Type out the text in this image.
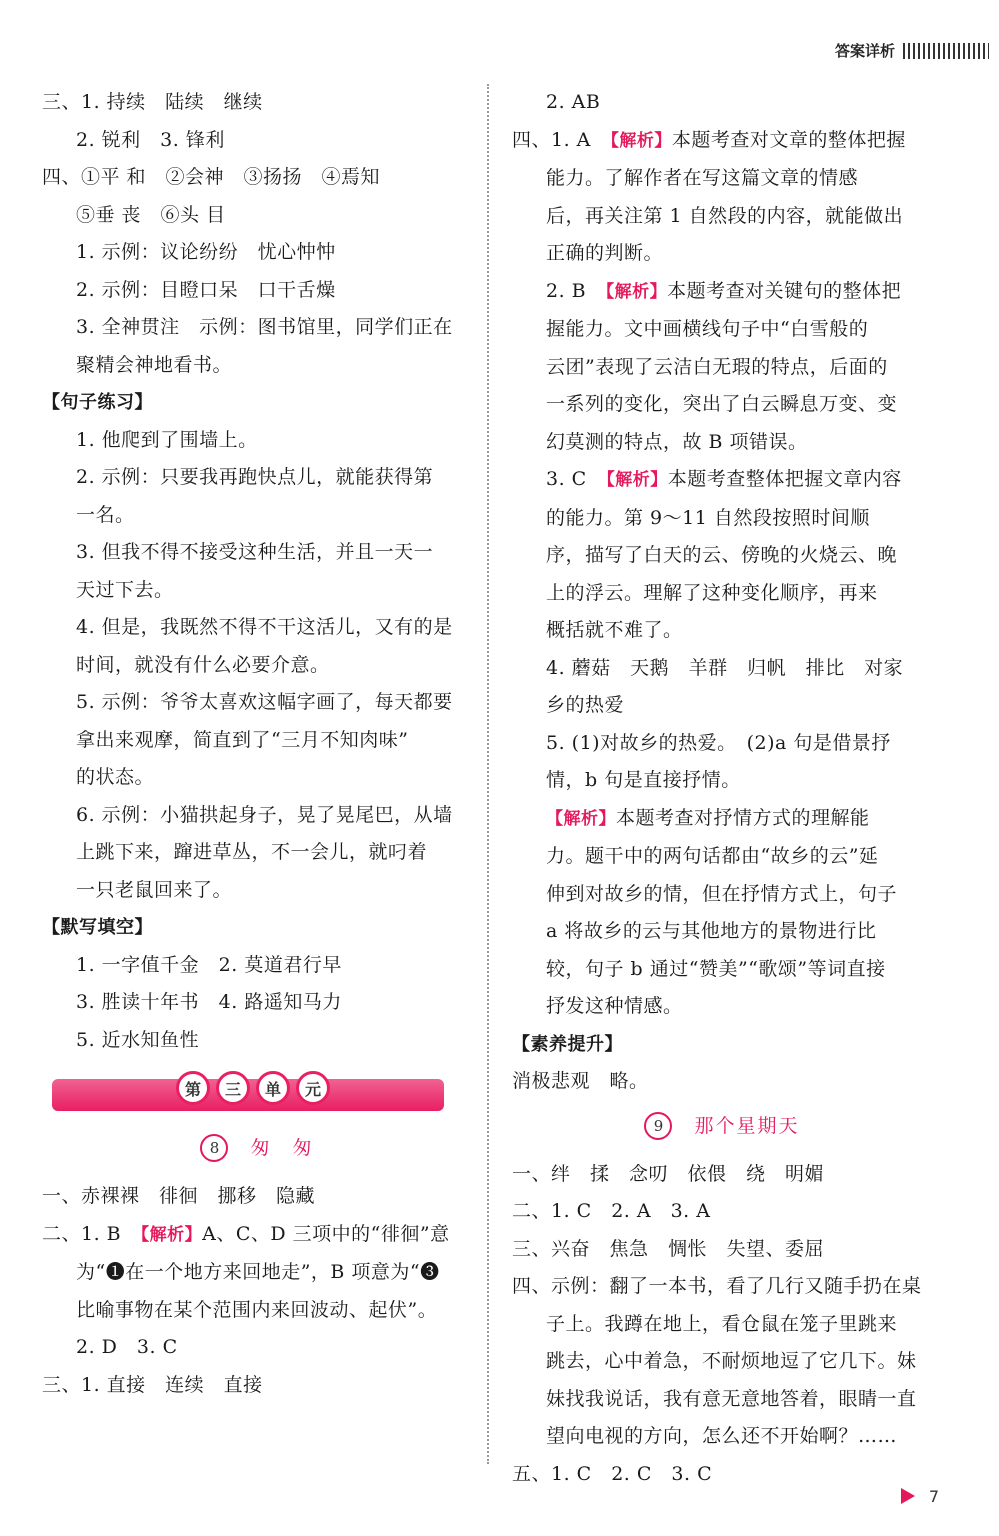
答案详析
三、1. 持续　陆续　继续
2. 锐利　3. 锋利
四、①平 和　②会神　③扬扬　④焉知
⑤垂 丧　⑥头 目
1. 示例：议论纷纷　忧心忡忡
2. 示例：目瞪口呆　口干舌燥
3. 全神贯注　示例：图书馆里，同学们正在
聚精会神地看书。
【句子练习】
1. 他爬到了围墙上。
2. 示例：只要我再跑快点儿，就能获得第
一名。
3. 但我不得不接受这种生活，并且一天一
天过下去。
4. 但是，我既然不得不干这活儿，又有的是
时间，就没有什么必要介意。
5. 示例：爷爷太喜欢这幅字画了，每天都要
拿出来观摩，简直到了“三月不知肉味”
的状态。
6. 示例：小猫拱起身子，晃了晃尾巴，从墙
上跳下来，蹿进草丛，不一会儿，就叼着
一只老鼠回来了。
【默写填空】
1. 一字值千金　2. 莫道君行早
3. 胜读十年书　4. 路遥知马力
5. 近水知鱼性
第	三	单	元
8 匆　匆
一、赤裸裸　徘徊　挪移　隐藏
二、1. B　【解析】A、C、D 三项中的“徘徊”意
为“❶在一个地方来回地走”，B 项意为“❸
比喻事物在某个范围内来回波动、起伏”。
2. D　3. C
三、1. 直接　连续　直接
2. AB
四、1. A　【解析】本题考查对文章的整体把握
能力。了解作者在写这篇文章的情感
后，再关注第 1 自然段的内容，就能做出
正确的判断。
2. B　【解析】本题考查对关键句的整体把
握能力。文中画横线句子中“白雪般的
云团”表现了云洁白无瑕的特点，后面的
一系列的变化，突出了白云瞬息万变、变
幻莫测的特点，故 B 项错误。
3. C　【解析】本题考查整体把握文章内容
的能力。第 9～11 自然段按照时间顺
序，描写了白天的云、傍晚的火烧云、晚
上的浮云。理解了这种变化顺序，再来
概括就不难了。
4. 蘑菇　天鹅　羊群　归帆　排比　对家
乡的热爱
5. (1)对故乡的热爱。　(2)a 句是借景抒
情，b 句是直接抒情。
【解析】本题考查对抒情方式的理解能
力。题干中的两句话都由“故乡的云”延
伸到对故乡的情，但在抒情方式上，句子
a 将故乡的云与其他地方的景物进行比
较，句子 b 通过“赞美”“歌颂”等词直接
抒发这种情感。
【素养提升】
消极悲观　略。
9 那个星期天
一、绊　揉　念叨　依偎　绕　明媚
二、1. C　2. A　3. A
三、兴奋　焦急　惆怅　失望、委屈
四、示例：翻了一本书，看了几行又随手扔在桌
子上。我蹲在地上，看仓鼠在笼子里跳来
跳去，心中着急，不耐烦地逗了它几下。妹
妹找我说话，我有意无意地答着，眼睛一直
望向电视的方向，怎么还不开始啊？……
五、1. C　2. C　3. C
7
